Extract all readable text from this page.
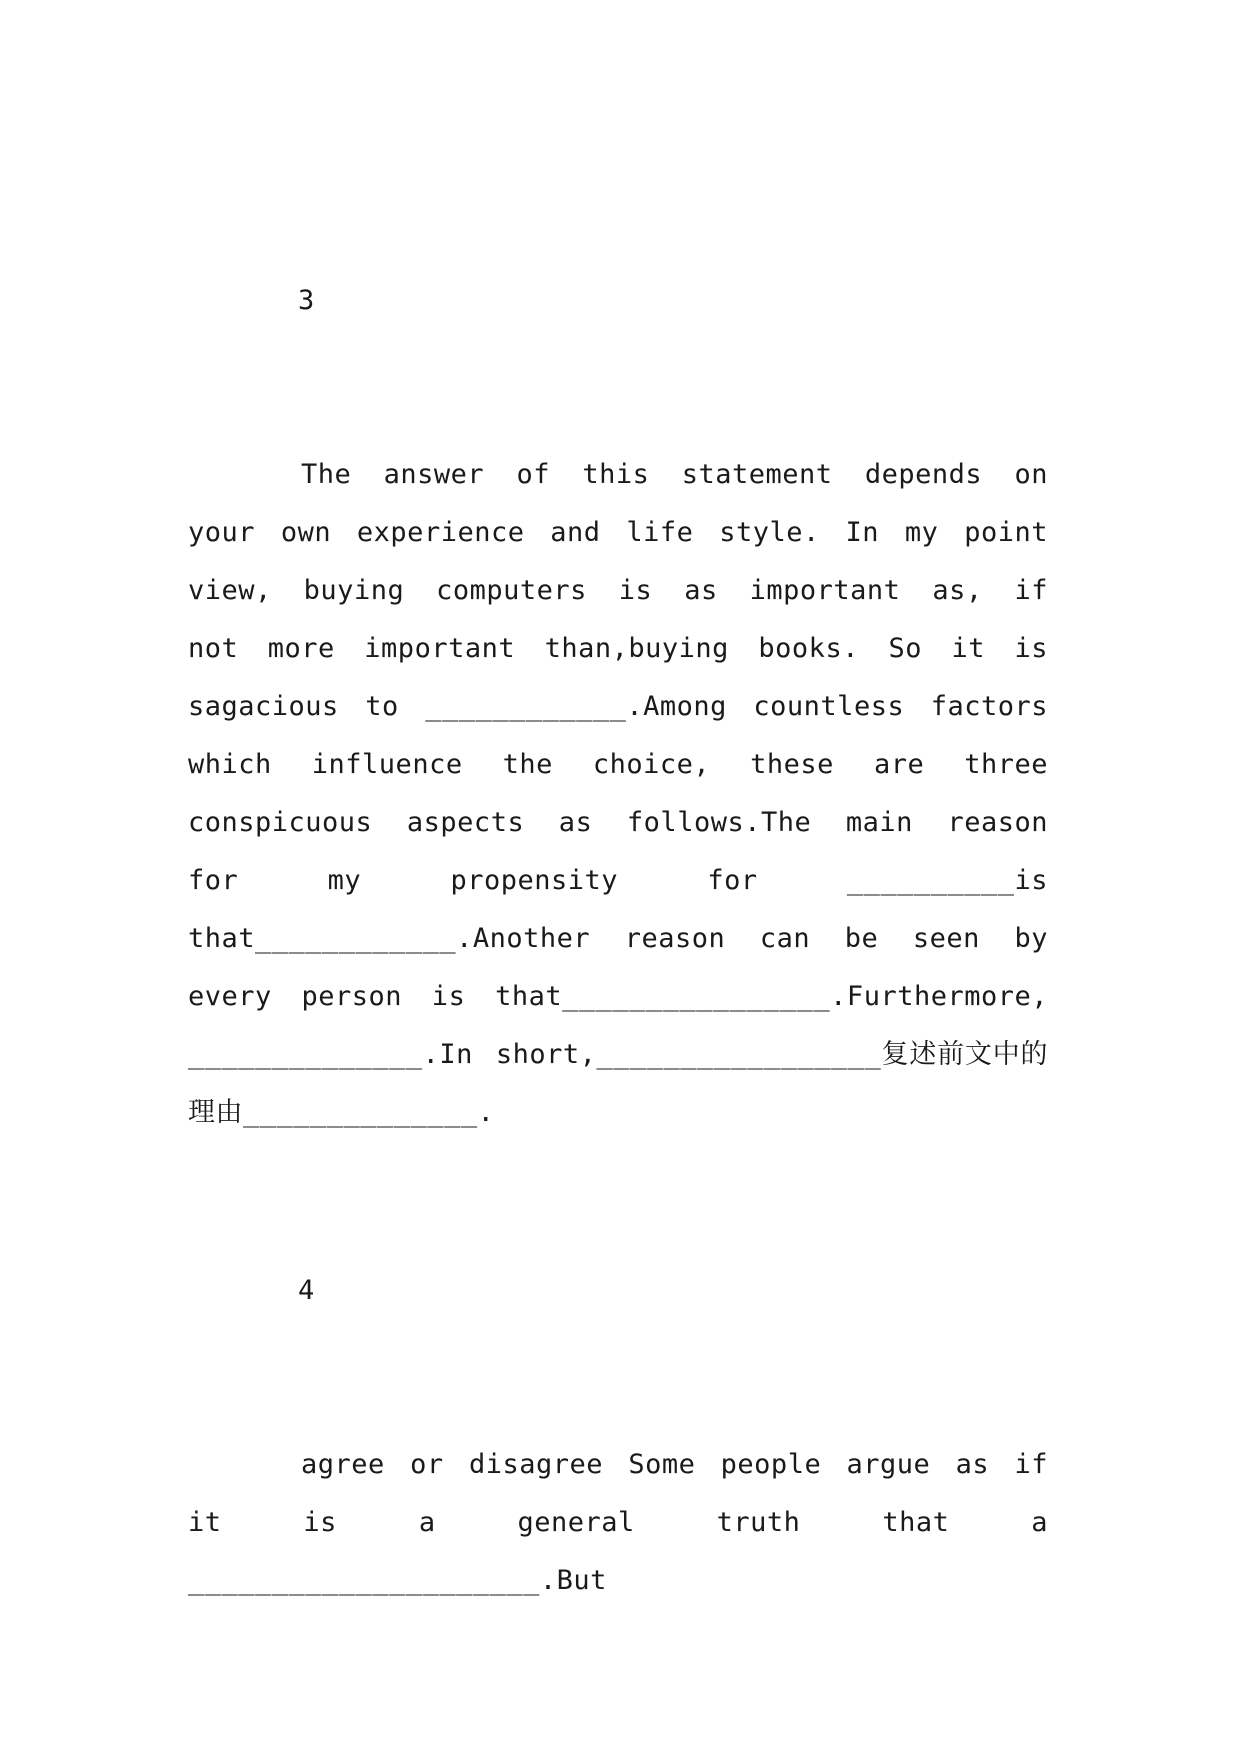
3

The answer of this statement depends on your own experience and life style. In my point view, buying computers is as important as, if not more important than,buying books. So it is sagacious to ____________.Among countless factors which influence the choice, these are three conspicuous aspects as follows.The main reason for my propensity for __________is that____________.Another reason can be seen by every person is that________________.Furthermore, ______________.In short,_________________复述前文中的理由______________.

4

agree or disagree Some people argue as if it is a general truth that a _____________________.But
